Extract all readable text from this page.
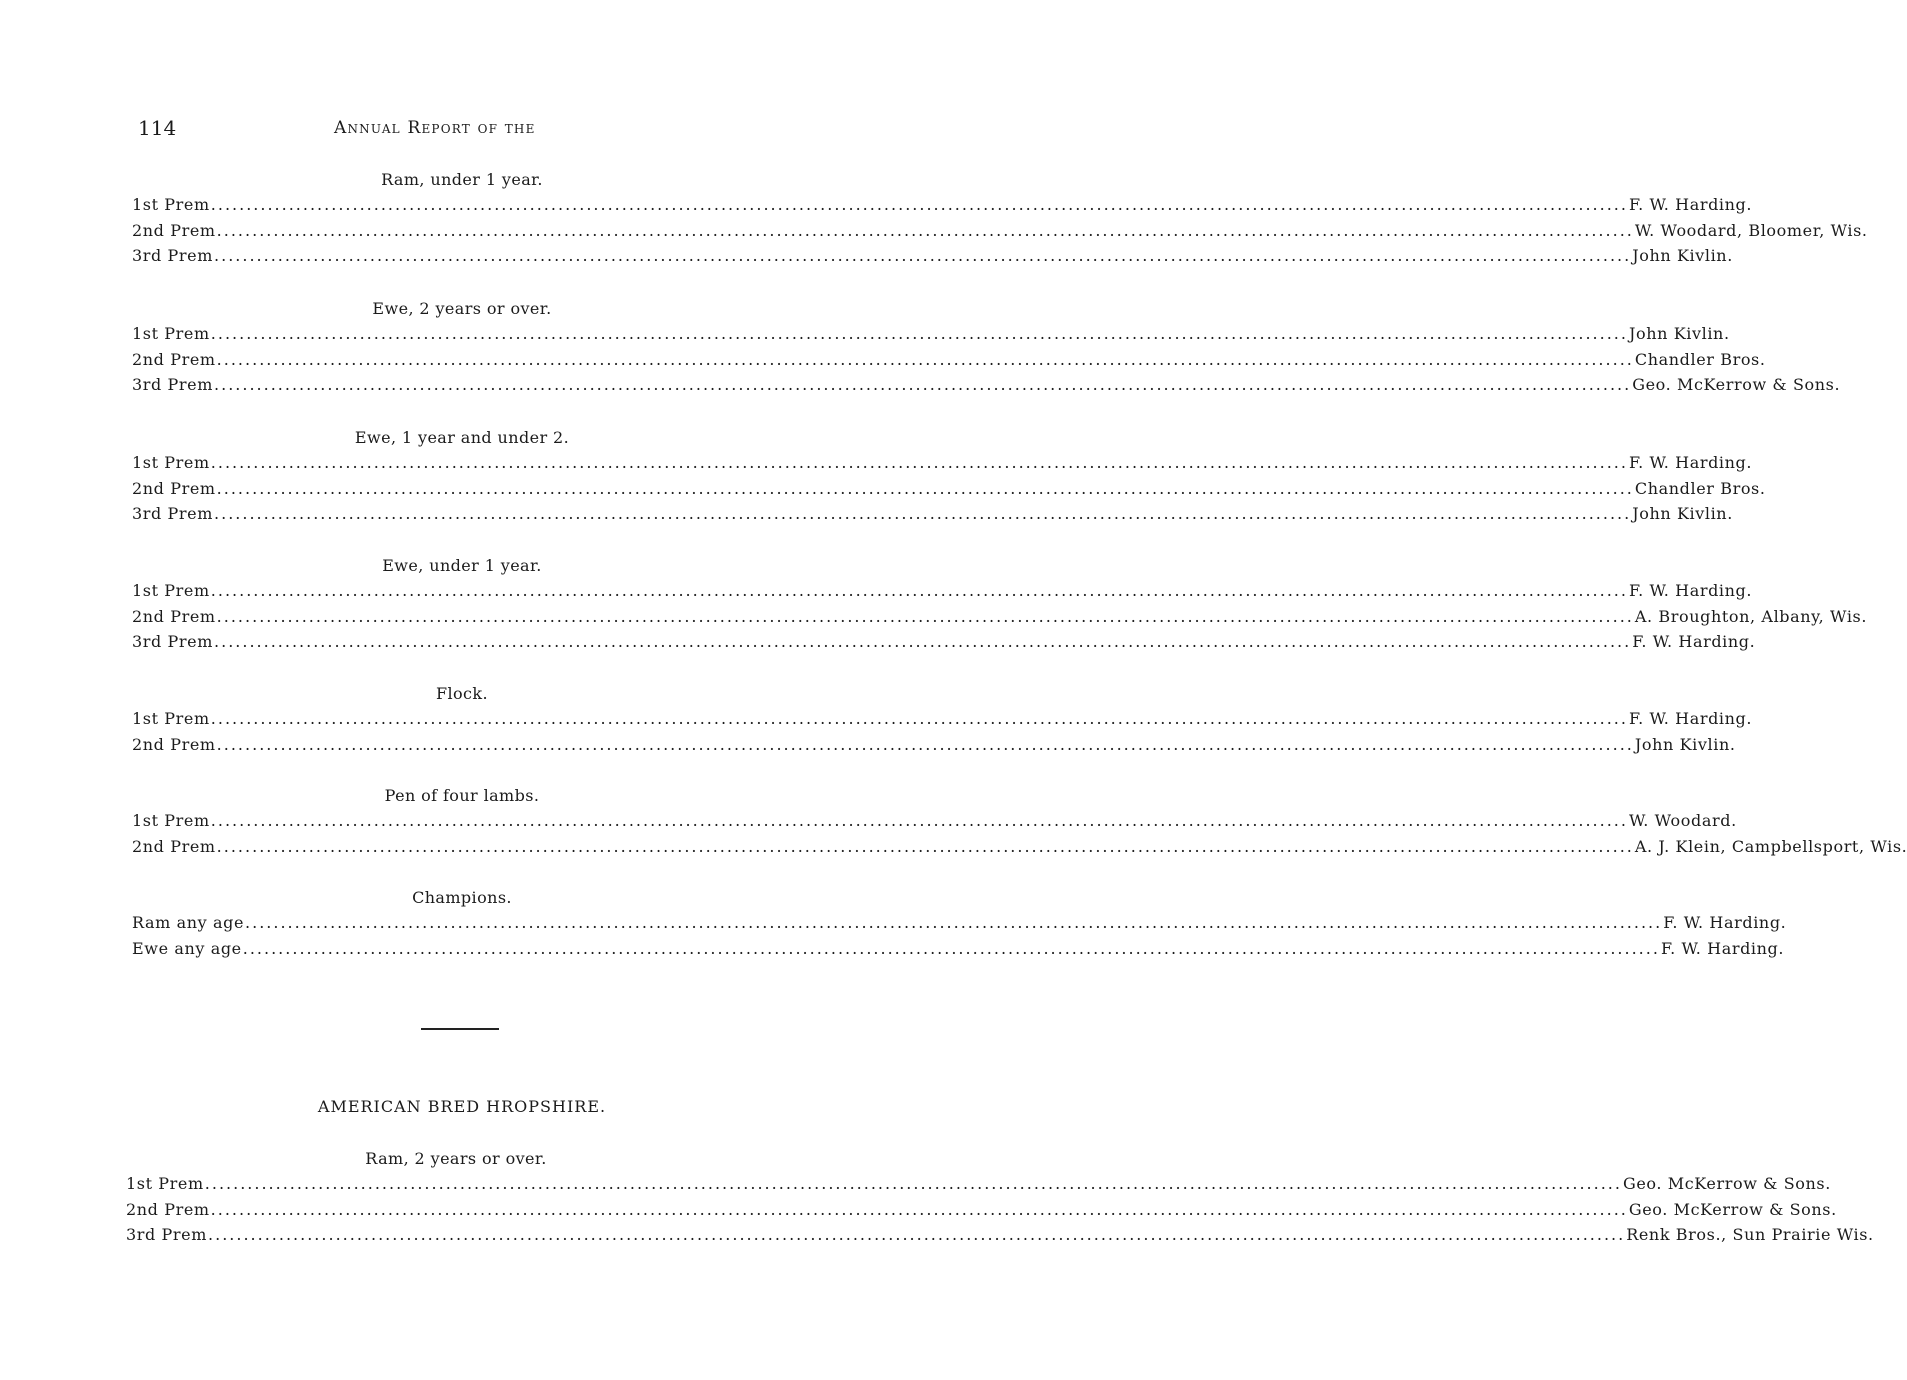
114	Annual Report of the
Ram, under 1 year.
1st Prem ........................................................................................................................................................................................................ F. W. Harding.
2nd Prem ........................................................................................................................................................................................................ W. Woodard, Bloomer, Wis.
3rd Prem ........................................................................................................................................................................................................ John Kivlin.
Ewe, 2 years or over.
1st Prem ........................................................................................................................................................................................................ John Kivlin.
2nd Prem ........................................................................................................................................................................................................ Chandler Bros.
3rd Prem ........................................................................................................................................................................................................ Geo. McKerrow & Sons.
Ewe, 1 year and under 2.
1st Prem ........................................................................................................................................................................................................ F. W. Harding.
2nd Prem ........................................................................................................................................................................................................ Chandler Bros.
3rd Prem ........................................................................................................................................................................................................ John Kivlin.
Ewe, under 1 year.
1st Prem ........................................................................................................................................................................................................ F. W. Harding.
2nd Prem ........................................................................................................................................................................................................ A. Broughton, Albany, Wis.
3rd Prem ........................................................................................................................................................................................................ F. W. Harding.
Flock.
1st Prem ........................................................................................................................................................................................................ F. W. Harding.
2nd Prem ........................................................................................................................................................................................................ John Kivlin.
Pen of four lambs.
1st Prem ........................................................................................................................................................................................................ W. Woodard.
2nd Prem ........................................................................................................................................................................................................ A. J. Klein, Campbellsport, Wis.
Champions.
Ram any age ........................................................................................................................................................................................................ F. W. Harding.
Ewe any age ........................................................................................................................................................................................................ F. W. Harding.
AMERICAN BRED HROPSHIRE.
Ram, 2 years or over.
1st Prem ........................................................................................................................................................................................................ Geo. McKerrow & Sons.
2nd Prem ........................................................................................................................................................................................................ Geo. McKerrow & Sons.
3rd Prem ........................................................................................................................................................................................................ Renk Bros., Sun Prairie Wis.
